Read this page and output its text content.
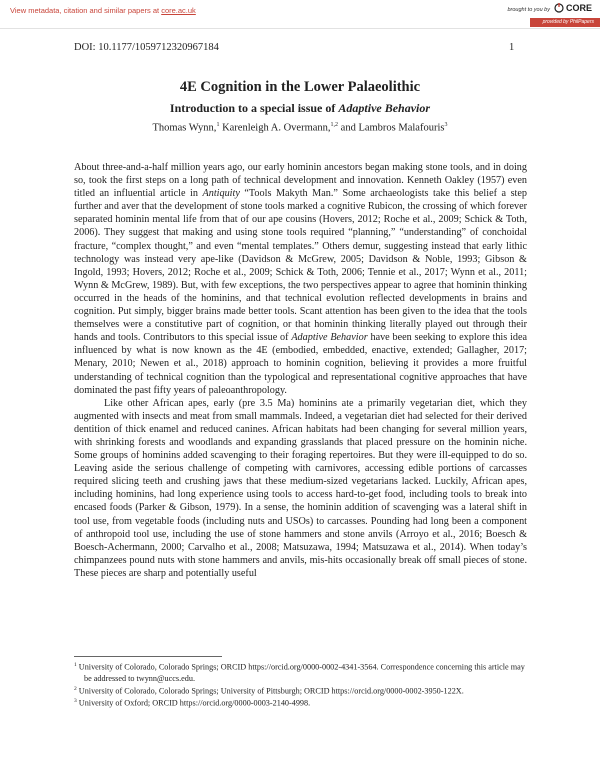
View metadata, citation and similar papers at core.ac.uk	brought to you by CORE
provided by PhilPapers
DOI: 10.1177/1059712320967184	1
4E Cognition in the Lower Palaeolithic
Introduction to a special issue of Adaptive Behavior
Thomas Wynn,$^1$ Karenleigh A. Overmann,$^{1,2}$ and Lambros Malafouris$^3$

About three-and-a-half million years ago, our early hominin ancestors began making stone tools, and in doing so, took the first steps on a long path of technical development and innovation. Kenneth Oakley (1957) even titled an influential article in Antiquity “Tools Makyth Man.” Some archaeologists take this belief a step further and aver that the development of stone tools marked a cognitive Rubicon, the crossing of which forever separated hominin mental life from that of our ape cousins (Hovers, 2012; Roche et al., 2009; Schick & Toth, 2006). They suggest that making and using stone tools required “planning,” “understanding” of conchoidal fracture, “complex thought,” and even “mental templates.” Others demur, suggesting instead that early lithic technology was instead very ape-like (Davidson & McGrew, 2005; Davidson & Noble, 1993; Gibson & Ingold, 1993; Hovers, 2012; Roche et al., 2009; Schick & Toth, 2006; Tennie et al., 2017; Wynn et al., 2011; Wynn & McGrew, 1989). But, with few exceptions, the two perspectives appear to agree that hominin thinking occurred in the heads of the hominins, and that technical evolution reflected developments in brains and cognition. Put simply, bigger brains made better tools. Scant attention has been given to the idea that the tools themselves were a constitutive part of cognition, or that hominin thinking literally played out through their hands and tools. Contributors to this special issue of Adaptive Behavior have been seeking to explore this idea influenced by what is now known as the 4E (embodied, embedded, enactive, extended; Gallagher, 2017; Menary, 2010; Newen et al., 2018) approach to hominin cognition, believing it provides a more fruitful understanding of technical cognition than the typological and representational cognitive approaches that have dominated the past fifty years of paleoanthropology.

Like other African apes, early (pre 3.5 Ma) hominins ate a primarily vegetarian diet, which they augmented with insects and meat from small mammals. Indeed, a vegetarian diet had selected for their derived dentition of thick enamel and reduced canines. African habitats had been changing for several million years, with shrinking forests and woodlands and expanding grasslands that placed pressure on the hominin niche. Some groups of hominins added scavenging to their foraging repertoires. But they were ill-equipped to do so. Leaving aside the serious challenge of competing with carnivores, accessing edible portions of carcasses required slicing teeth and crushing jaws that these medium-sized vegetarians lacked. Luckily, African apes, including hominins, had long experience using tools to access hard-to-get food, including tools to break into encased foods (Parker & Gibson, 1979). In a sense, the hominin addition of scavenging was a lateral shift in tool use, from vegetable foods (including nuts and USOs) to carcasses. Pounding had long been a component of anthropoid tool use, including the use of stone hammers and stone anvils (Arroyo et al., 2016; Boesch & Boesch-Achermann, 2000; Carvalho et al., 2008; Matsuzawa, 1994; Matsuzawa et al., 2014). When today’s chimpanzees pound nuts with stone hammers and anvils, mis-hits occasionally break off small pieces of stone. These pieces are sharp and potentially useful

$^1$ University of Colorado, Colorado Springs; ORCID https://orcid.org/0000-0002-4341-3564. Correspondence concerning this article may be addressed to twynn@uccs.edu.

$^2$ University of Colorado, Colorado Springs; University of Pittsburgh; ORCID https://orcid.org/0000-0002-3950-122X.

$^3$ University of Oxford; ORCID https://orcid.org/0000-0003-2140-4998.
